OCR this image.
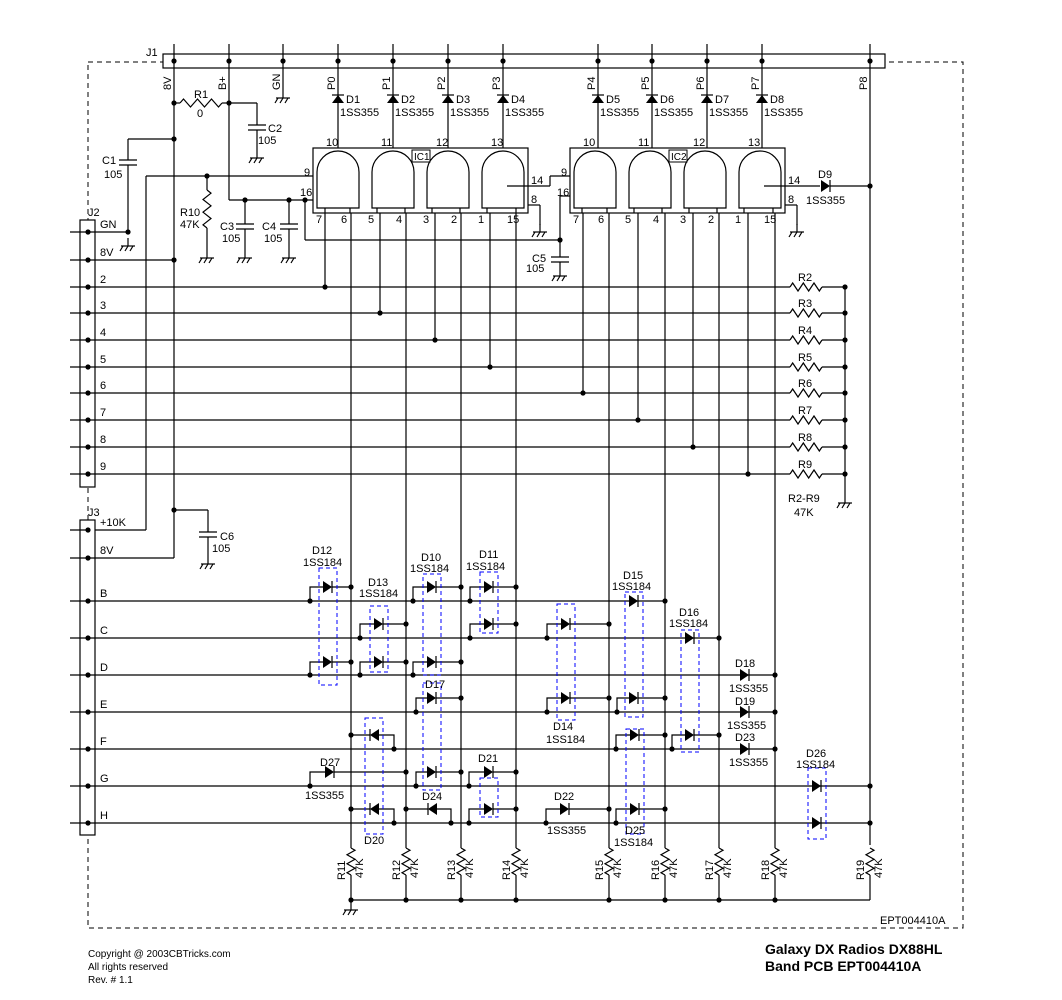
J1
8V	B+	GN	P0	P1	P2	P3	P4	P5	P6	P7	P8
R1
0
C2
105
C1
105
R10
47K C3
105
C4
105
C5
105
D1
1SS355
D2
1SS355
D3
1SS355
D4
1SS355
D5
1SS355
D6
1SS355
D7
1SS355
D8
1SS355
10	11	12	13
IC1
7 6 5 4 3 2 1 15
9
16
14
8
10	11	12	13
IC2
7 6 5 4 3 2 1 15
9
16
14
8
D9
1SS355
J2
GN
8V
2
3
4
5
6
7
8
9
R2
R3
R4
R5
R6
R7
R8
R9
R2-R9
47K
J3
+10K
8V
B
C
D
E
F
G
H
C6
105
R11 47K R12 47K R13 47K R14 47K	R15 47K R16 47K R17 47K R18 47K	R19 47K
D12
D13
D10	D11
D14
D15
D16
D17
D18
D19
D20
D21
D22
D23
D24
D25
D26
D27
1SS184
1SS184
1SS184 1SS184
1SS184
1SS184
1SS184
1SS355
1SS355
1SS355
1SS355
1SS184
1SS184
1SS355
EPT004410A
Copyright @ 2003CBTricks.com
All rights reserved
Rev. # 1.1
Galaxy DX Radios DX88HL
Band PCB EPT004410A
